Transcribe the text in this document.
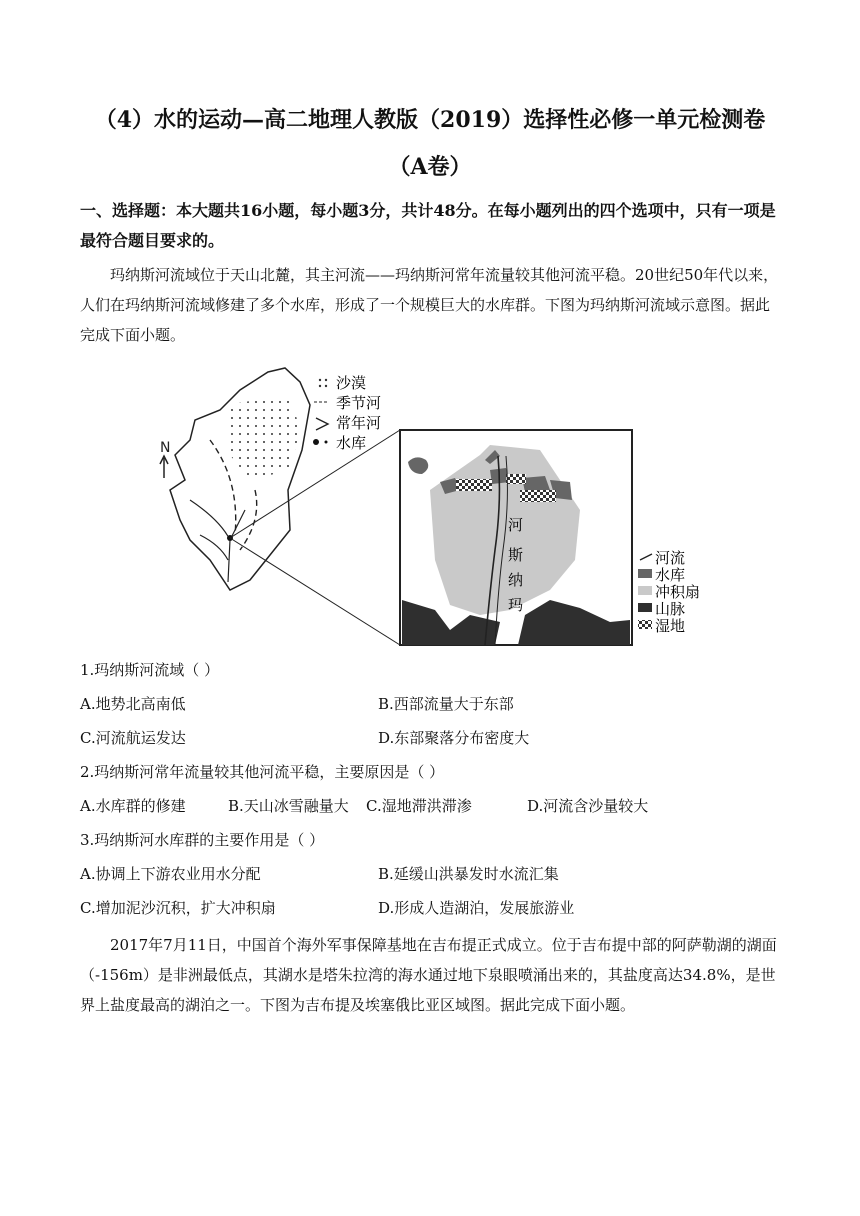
（4）水的运动—高二地理人教版（2019）选择性必修一单元检测卷
（A卷）
一、选择题：本大题共16小题，每小题3分，共计48分。在每小题列出的四个选项中，只有一项是最符合题目要求的。
玛纳斯河流域位于天山北麓，其主河流——玛纳斯河常年流量较其他河流平稳。20世纪50年代以来，人们在玛纳斯河流域修建了多个水库，形成了一个规模巨大的水库群。下图为玛纳斯河流域示意图。据此完成下面小题。
N
沙漠
季节河
常年河
水库
河
斯
纳
玛
河流
水库
冲积扇
山脉
湿地
1.玛纳斯河流域（ ）
A.地势北高南低	B.西部流量大于东部
C.河流航运发达	D.东部聚落分布密度大
2.玛纳斯河常年流量较其他河流平稳，主要原因是（ ）
A.水库群的修建	B.天山冰雪融量大 C.湿地滞洪滞渗	D.河流含沙量较大
3.玛纳斯河水库群的主要作用是（ ）
A.协调上下游农业用水分配	B.延缓山洪暴发时水流汇集
C.增加泥沙沉积，扩大冲积扇	D.形成人造湖泊，发展旅游业
2017年7月11日，中国首个海外军事保障基地在吉布提正式成立。位于吉布提中部的阿萨勒湖的湖面（-156m）是非洲最低点，其湖水是塔朱拉湾的海水通过地下泉眼喷涌出来的，其盐度高达34.8%，是世界上盐度最高的湖泊之一。下图为吉布提及埃塞俄比亚区域图。据此完成下面小题。
